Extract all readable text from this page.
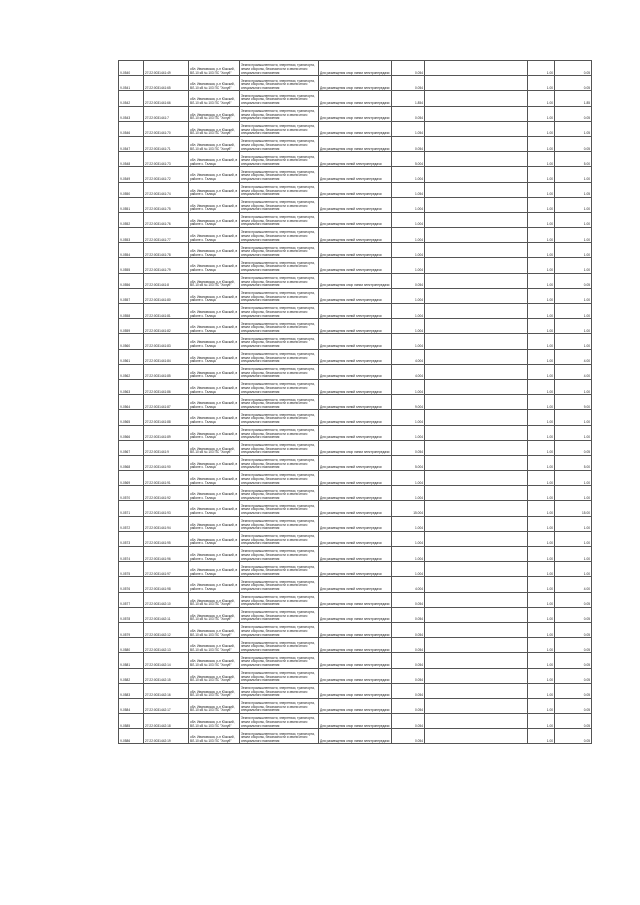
V-0540	27:22:0031441:49	обл. Ивановская, р-н Южский, ВЛ-10 кВ № 103 ПС "Холуй"	Земли промышленности, энергетики, транспорта, земли обороны, безопасности и земли иного специального назначения	Для размещения опор линии электропередачи	0.054		1.00	0.05
V-0541	27:22:0031441:65	обл. Ивановская, р-н Южский, ВЛ-10 кВ № 103 ПС "Холуй"	Земли промышленности, энергетики, транспорта, земли обороны, безопасности и земли иного специального назначения	Для размещения опор линии электропередачи	0.054		1.00	0.05
V-0542	27:22:0031441:66	обл. Ивановская, р-н Южский, ВЛ-10 кВ № 103 ПС "Холуй"	Земли промышленности, энергетики, транспорта, земли обороны, безопасности и земли иного специального назначения	Для размещения опор линии электропередачи	1.854		1.00	1.85
V-0543	27:22:0031441:7	обл. Ивановская, р-н Южский, ВЛ-10 кВ № 103 ПС "Холуй"	Земли промышленности, энергетики, транспорта, земли обороны, безопасности и земли иного специального назначения	Для размещения опор линии электропередачи	0.054		1.00	0.05
V-0546	27:22:0031441:70	обл. Ивановская, р-н Южский, ВЛ-10 кВ № 103 ПС "Холуй"	Земли промышленности, энергетики, транспорта, земли обороны, безопасности и земли иного специального назначения	Для размещения опор линии электропередачи	1.054		1.00	1.05
V-0547	27:22:0031441:71	обл. Ивановская, р-н Южский, ВЛ-10 кВ № 103 ПС "Холуй"	Земли промышленности, энергетики, транспорта, земли обороны, безопасности и земли иного специального назначения	Для размещения опор линии электропередачи	0.054		1.00	0.05
V-0548	27:22:0031441:73	обл. Ивановская, р-н Южский, в районе с. Талица	Земли промышленности, энергетики, транспорта, земли обороны, безопасности и земли иного специального назначения	Для размещения линий электропередачи	5.004		1.00	5.00
V-0549	27:22:0031441:72	обл. Ивановская, р-н Южский, в районе с. Талица	Земли промышленности, энергетики, транспорта, земли обороны, безопасности и земли иного специального назначения	Для размещения линий электропередачи	1.004		1.00	1.00
V-0550	27:22:0031441:74	обл. Ивановская, р-н Южский, в районе с. Талица	Земли промышленности, энергетики, транспорта, земли обороны, безопасности и земли иного специального назначения	Для размещения линий электропередачи	1.054		1.00	1.05
V-0551	27:22:0031441:75	обл. Ивановская, р-н Южский, в районе с. Талица	Земли промышленности, энергетики, транспорта, земли обороны, безопасности и земли иного специального назначения	Для размещения линий электропередачи	1.004		1.00	1.00
V-0552	27:22:0031441:76	обл. Ивановская, р-н Южский, в районе с. Талица	Земли промышленности, энергетики, транспорта, земли обороны, безопасности и земли иного специального назначения	Для размещения линий электропередачи	1.004		1.00	1.00
V-0553	27:22:0031441:77	обл. Ивановская, р-н Южский, в районе с. Талица	Земли промышленности, энергетики, транспорта, земли обороны, безопасности и земли иного специального назначения	Для размещения линий электропередачи	1.004		1.00	1.00
V-0554	27:22:0031441:78	обл. Ивановская, р-н Южский, в районе с. Талица	Земли промышленности, энергетики, транспорта, земли обороны, безопасности и земли иного специального назначения	Для размещения линий электропередачи	1.004		1.00	1.00
V-0555	27:22:0031441:79	обл. Ивановская, р-н Южский, в районе с. Талица	Земли промышленности, энергетики, транспорта, земли обороны, безопасности и земли иного специального назначения	Для размещения линий электропередачи	1.004		1.00	1.00
V-0556	27:22:0031441:8	обл. Ивановская, р-н Южский, ВЛ-10 кВ № 103 ПС "Холуй"	Земли промышленности, энергетики, транспорта, земли обороны, безопасности и земли иного специального назначения	Для размещения опор линии электропередачи	0.054		1.00	0.05
V-0557	27:22:0031441:80	обл. Ивановская, р-н Южский, в районе с. Талица	Земли промышленности, энергетики, транспорта, земли обороны, безопасности и земли иного специального назначения	Для размещения линий электропередачи	1.004		1.00	1.00
V-0558	27:22:0031441:81	обл. Ивановская, р-н Южский, в районе с. Талица	Земли промышленности, энергетики, транспорта, земли обороны, безопасности и земли иного специального назначения	Для размещения линий электропередачи	1.004		1.00	1.00
V-0559	27:22:0031441:82	обл. Ивановская, р-н Южский, в районе с. Талица	Земли промышленности, энергетики, транспорта, земли обороны, безопасности и земли иного специального назначения	Для размещения линий электропередачи	1.004		1.00	1.00
V-0560	27:22:0031441:83	обл. Ивановская, р-н Южский, в районе с. Талица	Земли промышленности, энергетики, транспорта, земли обороны, безопасности и земли иного специального назначения	Для размещения линий электропередачи	1.004		1.00	1.00
V-0561	27:22:0031441:84	обл. Ивановская, р-н Южский, в районе с. Талица	Земли промышленности, энергетики, транспорта, земли обороны, безопасности и земли иного специального назначения	Для размещения линий электропередачи	4.004		1.00	4.00
V-0562	27:22:0031441:85	обл. Ивановская, р-н Южский, в районе с. Талица	Земли промышленности, энергетики, транспорта, земли обороны, безопасности и земли иного специального назначения	Для размещения линий электропередачи	4.004		1.00	4.00
V-0563	27:22:0031441:86	обл. Ивановская, р-н Южский, в районе с. Талица	Земли промышленности, энергетики, транспорта, земли обороны, безопасности и земли иного специального назначения	Для размещения линий электропередачи	1.004		1.00	1.00
V-0564	27:22:0031441:87	обл. Ивановская, р-н Южский, в районе с. Талица	Земли промышленности, энергетики, транспорта, земли обороны, безопасности и земли иного специального назначения	Для размещения линий электропередачи	9.004		1.00	9.00
V-0565	27:22:0031441:88	обл. Ивановская, р-н Южский, в районе с. Талица	Земли промышленности, энергетики, транспорта, земли обороны, безопасности и земли иного специального назначения	Для размещения линий электропередачи	1.004		1.00	1.00
V-0566	27:22:0031441:89	обл. Ивановская, р-н Южский, в районе с. Талица	Земли промышленности, энергетики, транспорта, земли обороны, безопасности и земли иного специального назначения	Для размещения линий электропередачи	1.004		1.00	1.00
V-0567	27:22:0031441:9	обл. Ивановская, р-н Южский, ВЛ-10 кВ № 103 ПС "Холуй"	Земли промышленности, энергетики, транспорта, земли обороны, безопасности и земли иного специального назначения	Для размещения опор линии электропередачи	0.054		1.00	0.05
V-0568	27:22:0031441:90	обл. Ивановская, р-н Южский, в районе с. Талица	Земли промышленности, энергетики, транспорта, земли обороны, безопасности и земли иного специального назначения	Для размещения линий электропередачи	5.004		1.00	5.00
V-0569	27:22:0031441:91	обл. Ивановская, р-н Южский, в районе с. Талица	Земли промышленности, энергетики, транспорта, земли обороны, безопасности и земли иного специального назначения	Для размещения линий электропередачи	1.004		1.00	1.00
V-0570	27:22:0031441:92	обл. Ивановская, р-н Южский, в районе с. Талица	Земли промышленности, энергетики, транспорта, земли обороны, безопасности и земли иного специального назначения	Для размещения линий электропередачи	1.004		1.00	1.00
V-0571	27:22:0031441:93	обл. Ивановская, р-н Южский, в районе с. Талица	Земли промышленности, энергетики, транспорта, земли обороны, безопасности и земли иного специального назначения	Для размещения линий электропередачи	15.004		1.00	15.00
V-0572	27:22:0031441:94	обл. Ивановская, р-н Южский, в районе с. Талица	Земли промышленности, энергетики, транспорта, земли обороны, безопасности и земли иного специального назначения	Для размещения линий электропередачи	1.004		1.00	1.00
V-0573	27:22:0031441:95	обл. Ивановская, р-н Южский, в районе с. Талица	Земли промышленности, энергетики, транспорта, земли обороны, безопасности и земли иного специального назначения	Для размещения линий электропередачи	1.004		1.00	1.00
V-0574	27:22:0031441:96	обл. Ивановская, р-н Южский, в районе с. Талица	Земли промышленности, энергетики, транспорта, земли обороны, безопасности и земли иного специального назначения	Для размещения линий электропередачи	1.004		1.00	1.00
V-0575	27:22:0031441:97	обл. Ивановская, р-н Южский, в районе с. Талица	Земли промышленности, энергетики, транспорта, земли обороны, безопасности и земли иного специального назначения	Для размещения линий электропередачи	1.004		1.00	1.00
V-0576	27:22:0031441:98	обл. Ивановская, р-н Южский, в районе с. Талица	Земли промышленности, энергетики, транспорта, земли обороны, безопасности и земли иного специального назначения	Для размещения линий электропередачи	4.004		1.00	4.00
V-0577	27:22:0031442:10	обл. Ивановская, р-н Южский, ВЛ-10 кВ № 103 ПС "Холуй"	Земли промышленности, энергетики, транспорта, земли обороны, безопасности и земли иного специального назначения	Для размещения опор линии электропередачи	0.054		1.00	0.05
V-0578	27:22:0031442:11	обл. Ивановская, р-н Южский, ВЛ-10 кВ № 103 ПС "Холуй"	Земли промышленности, энергетики, транспорта, земли обороны, безопасности и земли иного специального назначения	Для размещения опор линии электропередачи	0.054		1.00	0.05
V-0579	27:22:0031442:12	обл. Ивановская, р-н Южский, ВЛ-10 кВ № 103 ПС "Холуй"	Земли промышленности, энергетики, транспорта, земли обороны, безопасности и земли иного специального назначения	Для размещения опор линии электропередачи	0.054		1.00	0.05
V-0580	27:22:0031442:13	обл. Ивановская, р-н Южский, ВЛ-10 кВ № 103 ПС "Холуй"	Земли промышленности, энергетики, транспорта, земли обороны, безопасности и земли иного специального назначения	Для размещения опор линии электропередачи	0.054		1.00	0.05
V-0581	27:22:0031442:14	обл. Ивановская, р-н Южский, ВЛ-10 кВ № 103 ПС "Холуй"	Земли промышленности, энергетики, транспорта, земли обороны, безопасности и земли иного специального назначения	Для размещения опор линии электропередачи	0.054		1.00	0.05
V-0582	27:22:0031442:15	обл. Ивановская, р-н Южский, ВЛ-10 кВ № 103 ПС "Холуй"	Земли промышленности, энергетики, транспорта, земли обороны, безопасности и земли иного специального назначения	Для размещения опор линии электропередачи	0.054		1.00	0.05
V-0583	27:22:0031442:16	обл. Ивановская, р-н Южский, ВЛ-10 кВ № 103 ПС "Холуй"	Земли промышленности, энергетики, транспорта, земли обороны, безопасности и земли иного специального назначения	Для размещения опор линии электропередачи	0.054		1.00	0.05
V-0584	27:22:0031442:17	обл. Ивановская, р-н Южский, ВЛ-10 кВ № 103 ПС "Холуй"	Земли промышленности, энергетики, транспорта, земли обороны, безопасности и земли иного специального назначения	Для размещения опор линии электропередачи	0.054		1.00	0.05
V-0585	27:22:0031442:18	обл. Ивановская, р-н Южский, ВЛ-10 кВ № 103 ПС "Холуй"	Земли промышленности, энергетики, транспорта, земли обороны, безопасности и земли иного специального назначения	Для размещения опор линии электропередачи	0.054		1.00	0.05
V-0586	27:22:0031442:19	обл. Ивановская, р-н Южский, ВЛ-10 кВ № 103 ПС "Холуй"	Земли промышленности, энергетики, транспорта, земли обороны, безопасности и земли иного специального назначения	Для размещения опор линии электропередачи	0.054		1.00	0.05
